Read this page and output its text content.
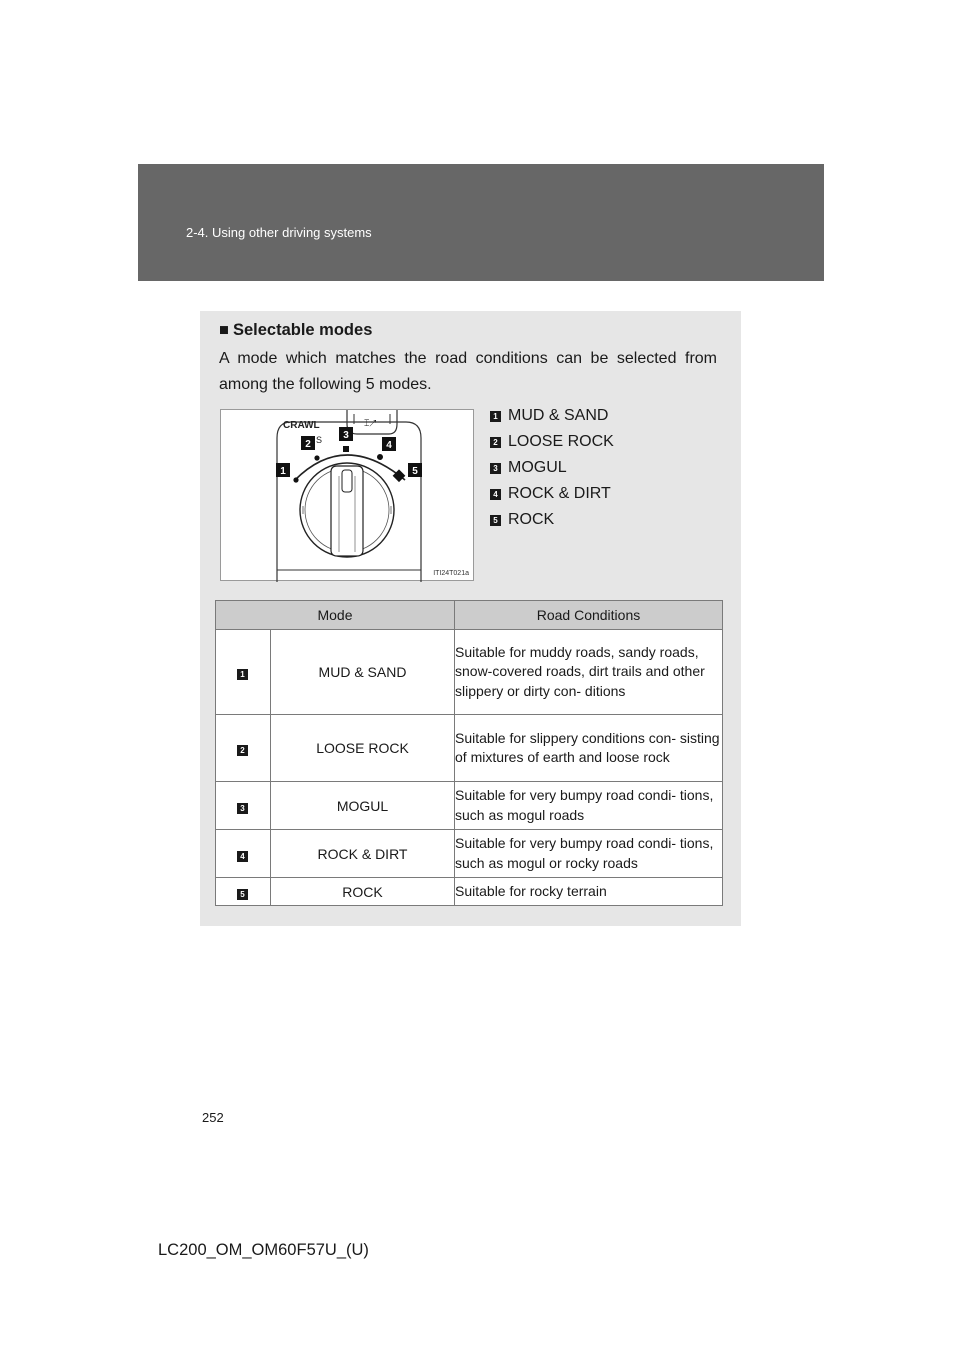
2-4. Using other driving systems
■ Selectable modes
A mode which matches the road conditions can be selected from among the following 5 modes.
⌶↗
CRAWL
S 3
2	4
1	5
ITI24T021a
1 MUD & SAND
2 LOOSE ROCK
3 MOGUL
4 ROCK & DIRT
5 ROCK
Mode		Road Conditions
1	MUD & SAND	Suitable for muddy roads, sandy roads, snow-covered roads, dirt trails and other slippery or dirty con- ditions
2	LOOSE ROCK	Suitable for slippery conditions con- sisting of mixtures of earth and loose rock
3	MOGUL	Suitable for very bumpy road condi- tions, such as mogul roads
4	ROCK & DIRT	Suitable for very bumpy road condi- tions, such as mogul or rocky roads
5	ROCK	Suitable for rocky terrain
252
LC200_OM_OM60F57U_(U)
